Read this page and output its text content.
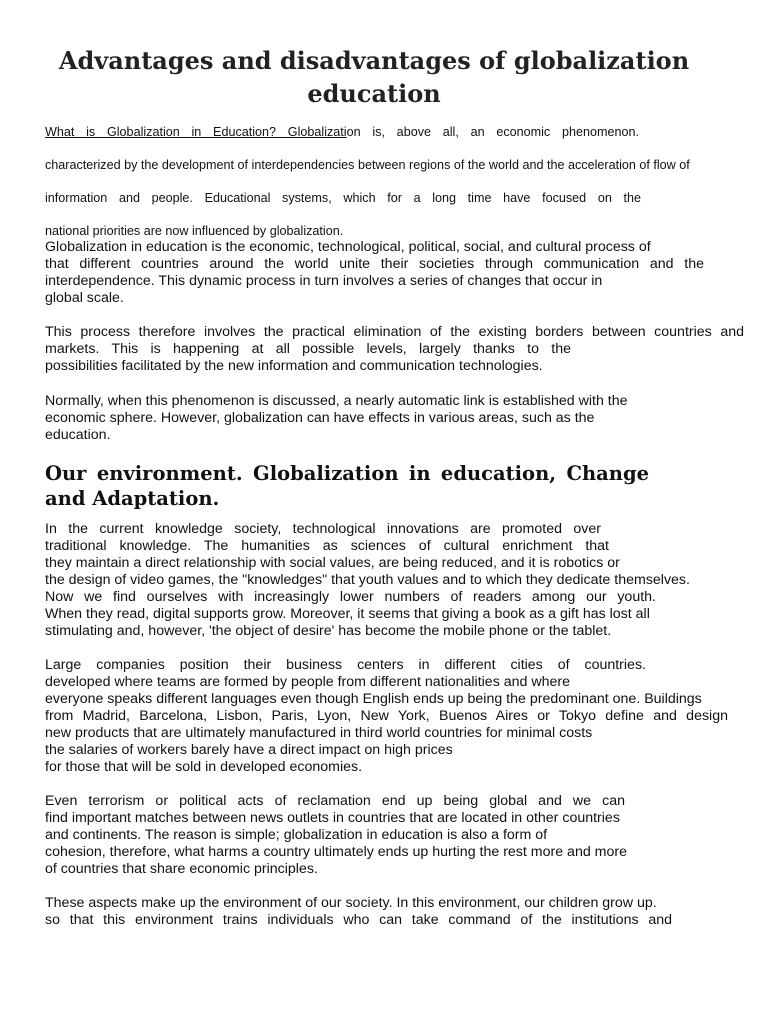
Advantages and disadvantages of globalization
education
What is Globalization in Education? Globalization is, above all, an economic phenomenon.
characterized by the development of interdependencies between regions of the world and the acceleration of flow of
information and people. Educational systems, which for a long time have focused on the
national priorities are now influenced by globalization.
Globalization in education is the economic, technological, political, social, and cultural process of
that different countries around the world unite their societies through communication and the
interdependence. This dynamic process in turn involves a series of changes that occur in
global scale.
This process therefore involves the practical elimination of the existing borders between countries and
markets. This is happening at all possible levels, largely thanks to the
possibilities facilitated by the new information and communication technologies.
Normally, when this phenomenon is discussed, a nearly automatic link is established with the
economic sphere. However, globalization can have effects in various areas, such as the
education.
Our environment. Globalization in education, Change and Adaptation.
In the current knowledge society, technological innovations are promoted over
traditional knowledge. The humanities as sciences of cultural enrichment that
they maintain a direct relationship with social values, are being reduced, and it is robotics or
the design of video games, the "knowledges" that youth values and to which they dedicate themselves.
Now we find ourselves with increasingly lower numbers of readers among our youth.
When they read, digital supports grow. Moreover, it seems that giving a book as a gift has lost all
stimulating and, however, 'the object of desire' has become the mobile phone or the tablet.
Large companies position their business centers in different cities of countries.
developed where teams are formed by people from different nationalities and where
everyone speaks different languages even though English ends up being the predominant one. Buildings
from Madrid, Barcelona, Lisbon, Paris, Lyon, New York, Buenos Aires or Tokyo define and design
new products that are ultimately manufactured in third world countries for minimal costs
the salaries of workers barely have a direct impact on high prices
for those that will be sold in developed economies.
Even terrorism or political acts of reclamation end up being global and we can
find important matches between news outlets in countries that are located in other countries
and continents. The reason is simple; globalization in education is also a form of
cohesion, therefore, what harms a country ultimately ends up hurting the rest more and more
of countries that share economic principles.
These aspects make up the environment of our society. In this environment, our children grow up.
so that this environment trains individuals who can take command of the institutions and
